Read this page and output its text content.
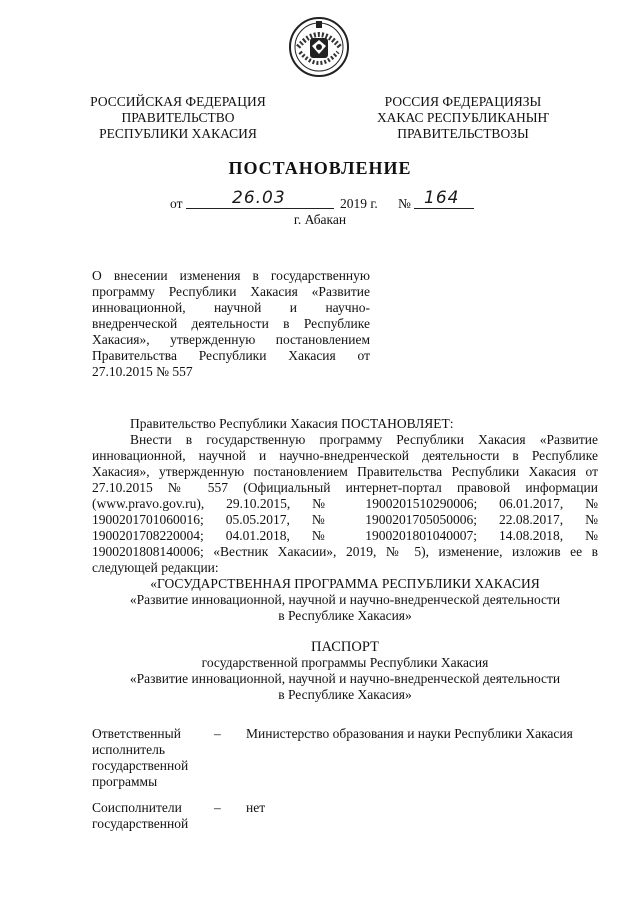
РОССИЙСКАЯ ФЕДЕРАЦИЯ
ПРАВИТЕЛЬСТВО
РЕСПУБЛИКИ ХАКАСИЯ
РОССИЯ ФЕДЕРАЦИЯЗЫ
ХАКАС РЕСПУБЛИКАНЫҤ
ПРАВИТЕЛЬСТВОЗЫ
ПОСТАНОВЛЕНИЕ
от	26.03	2019 г. № 164
г. Абакан
О внесении изменения в государственную программу Республики Хакасия «Развитие инновационной, научной и научно-внедренческой деятельности в Республике Хакасия», утвержденную постановлением Правительства Республики Хакасия от 27.10.2015 № 557

Правительство Республики Хакасия ПОСТАНОВЛЯЕТ:

Внести в государственную программу Республики Хакасия «Развитие инновационной, научной и научно-внедренческой деятельности в Республике Хакасия», утвержденную постановлением Правительства Республики Хакасия от 27.10.2015 № 557 (Официальный интернет-портал правовой информации (www.pravo.gov.ru), 29.10.2015, № 1900201510290006; 06.01.2017, № 1900201701060016; 05.05.2017, № 1900201705050006; 22.08.2017, № 1900201708220004; 04.01.2018, № 1900201801040007; 14.08.2018, № 1900201808140006; «Вестник Хакасии», 2019, № 5), изменение, изложив ее в следующей редакции:

«ГОСУДАРСТВЕННАЯ ПРОГРАММА РЕСПУБЛИКИ ХАКАСИЯ
«Развитие инновационной, научной и научно-внедренческой деятельности
в Республике Хакасия»
ПАСПОРТ
государственной программы Республики Хакасия
«Развитие инновационной, научной и научно-внедренческой деятельности
в Республике Хакасия»
Ответственный исполнитель государственной программы
– Министерство образования и науки Республики Хакасия
Соисполнители государственной
– нет
